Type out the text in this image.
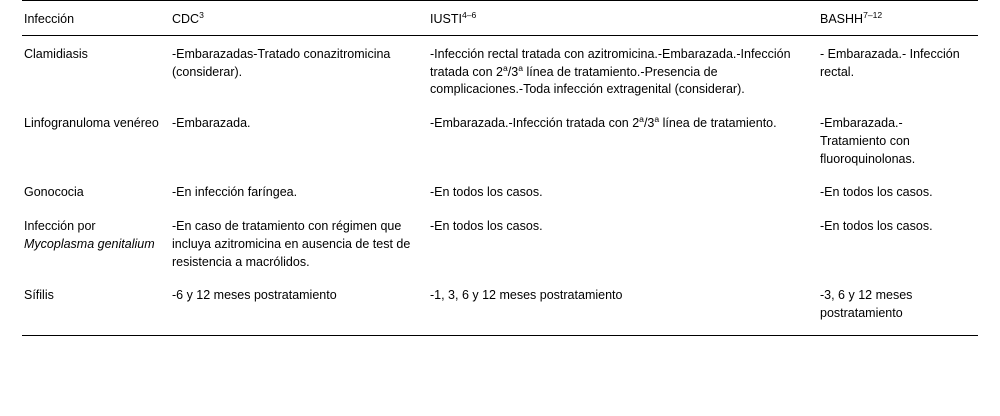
Infección	CDC$^3$	IUSTI$^{4-6}$	BASHH$^{7-12}$
Clamidiasis	-Embarazadas-Tratado conazitromicina (considerar).	-Infección rectal tratada con azitromicina.-Embarazada.-Infección tratada con 2$^a$/3$^a$ línea de tratamiento.-Presencia de complicaciones.-Toda infección extragenital (considerar).	- Embarazada.- Infección rectal.
Linfogranuloma venéreo	-Embarazada.	-Embarazada.-Infección tratada con 2$^a$/3$^a$ línea de tratamiento.	-Embarazada.- Tratamiento con fluoroquinolonas.
Gonococia	-En infección faríngea.	-En todos los casos.	-En todos los casos.
Infección por Mycoplasma genitalium	-En caso de tratamiento con régimen que incluya azitromicina en ausencia de test de resistencia a macrólidos.	-En todos los casos.	-En todos los casos.
Sífilis	-6 y 12 meses postratamiento	-1, 3, 6 y 12 meses postratamiento	-3, 6 y 12 meses postratamiento
